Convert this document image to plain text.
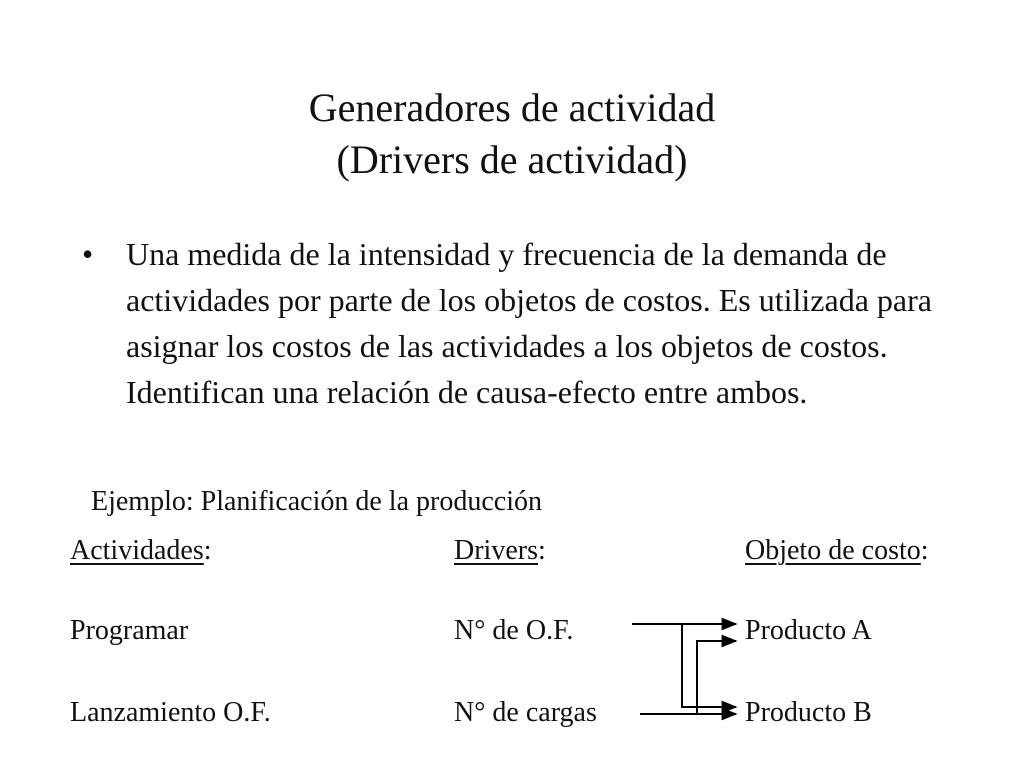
Generadores de actividad
(Drivers de actividad)
• Una medida de la intensidad y frecuencia de la demanda de actividades por parte de los objetos de costos. Es utilizada para asignar los costos de las actividades a los objetos de costos. Identifican una relación de causa-efecto entre ambos.
Ejemplo: Planificación de la producción
Actividades:	Drivers:	Objeto de costo:
Programar	N° de O.F.	Producto A
Lanzamiento O.F.	N° de cargas	Producto B
